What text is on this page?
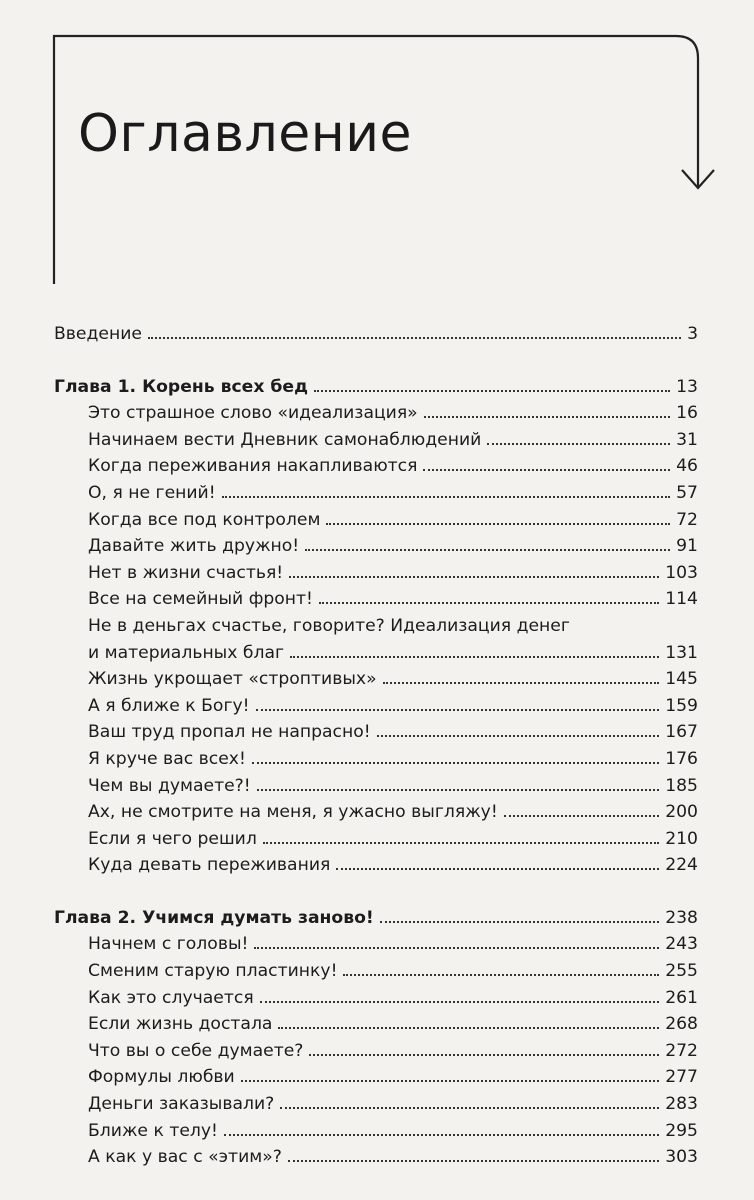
Оглавление
Введение	3
Глава 1. Корень всех бед	13
Это страшное слово «идеализация»	16
Начинаем вести Дневник самонаблюдений	31
Когда переживания накапливаются	46
О, я не гений!	57
Когда все под контролем	72
Давайте жить дружно!	91
Нет в жизни счастья!	103
Все на семейный фронт!	114
Не в деньгах счастье, говорите? Идеализация денег
и материальных благ	131
Жизнь укрощает «строптивых»	145
А я ближе к Богу!	159
Ваш труд пропал не напрасно!	167
Я круче вас всех!	176
Чем вы думаете?!	185
Ах, не смотрите на меня, я ужасно выгляжу!	200
Если я чего решил	210
Куда девать переживания	224
Глава 2. Учимся думать заново!	238
Начнем с головы!	243
Сменим старую пластинку!	255
Как это случается	261
Если жизнь достала	268
Что вы о себе думаете?	272
Формулы любви	277
Деньги заказывали?	283
Ближе к телу!	295
А как у вас с «этим»?	303
